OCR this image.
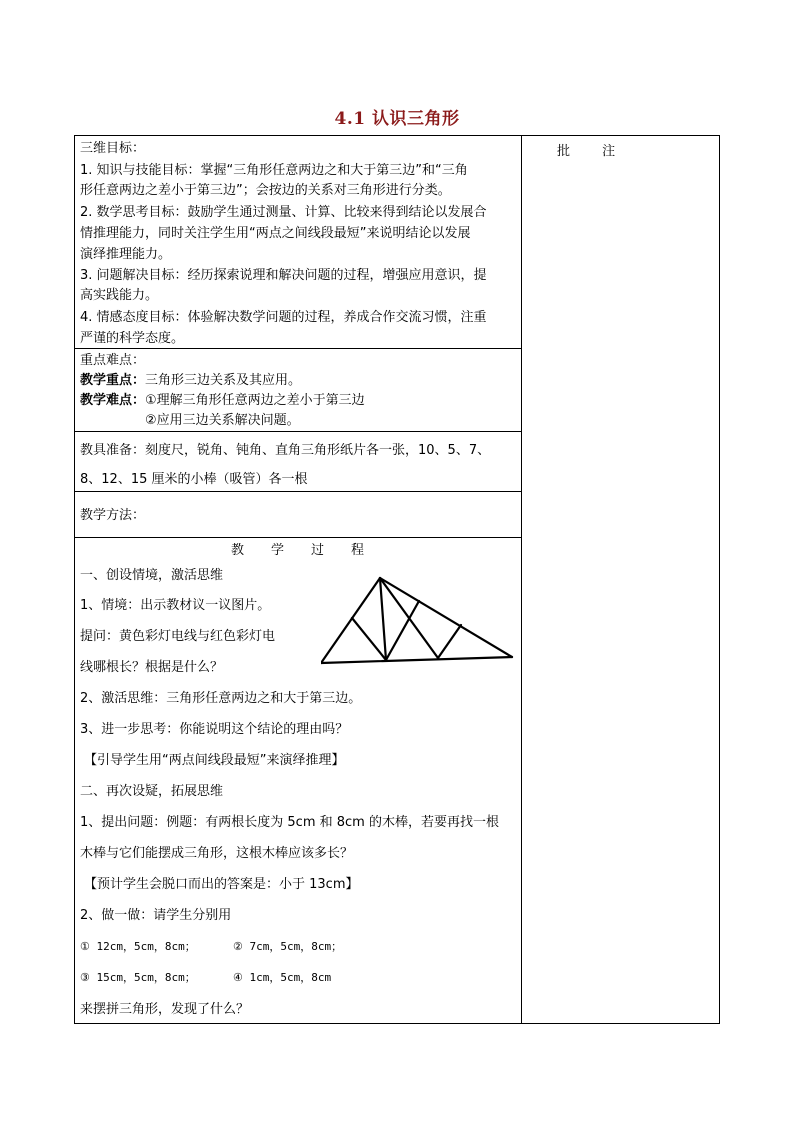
4.1 认识三角形
批 注
三维目标：
1. 知识与技能目标：掌握“三角形任意两边之和大于第三边”和“三角
形任意两边之差小于第三边”；会按边的关系对三角形进行分类。
2. 数学思考目标：鼓励学生通过测量、计算、比较来得到结论以发展合
情推理能力，同时关注学生用“两点之间线段最短”来说明结论以发展
演绎推理能力。
3. 问题解决目标：经历探索说理和解决问题的过程，增强应用意识，提
高实践能力。
4. 情感态度目标：体验解决数学问题的过程，养成合作交流习惯，注重
严谨的科学态度。
重点难点：
教学重点：三角形三边关系及其应用。
教学难点：①理解三角形任意两边之差小于第三边
②应用三边关系解决问题。
教具准备：刻度尺，锐角、钝角、直角三角形纸片各一张，10、5、7、
8、12、15 厘米的小棒（吸管）各一根
教学方法：
教学过程
一、创设情境，激活思维
1、情境：出示教材议一议图片。
提问：黄色彩灯电线与红色彩灯电
线哪根长？根据是什么？
2、激活思维：三角形任意两边之和大于第三边。
3、进一步思考：你能说明这个结论的理由吗？
【引导学生用“两点间线段最短”来演绎推理】
二、再次设疑，拓展思维
1、提出问题：例题：有两根长度为 5cm 和 8cm 的木棒，若要再找一根
木棒与它们能摆成三角形，这根木棒应该多长？
【预计学生会脱口而出的答案是：小于 13cm】
2、做一做：请学生分别用
① 12cm，5cm，8cm；	② 7cm，5cm，8cm；
③ 15cm，5cm，8cm；	④ 1cm，5cm，8cm
来摆拼三角形，发现了什么？
